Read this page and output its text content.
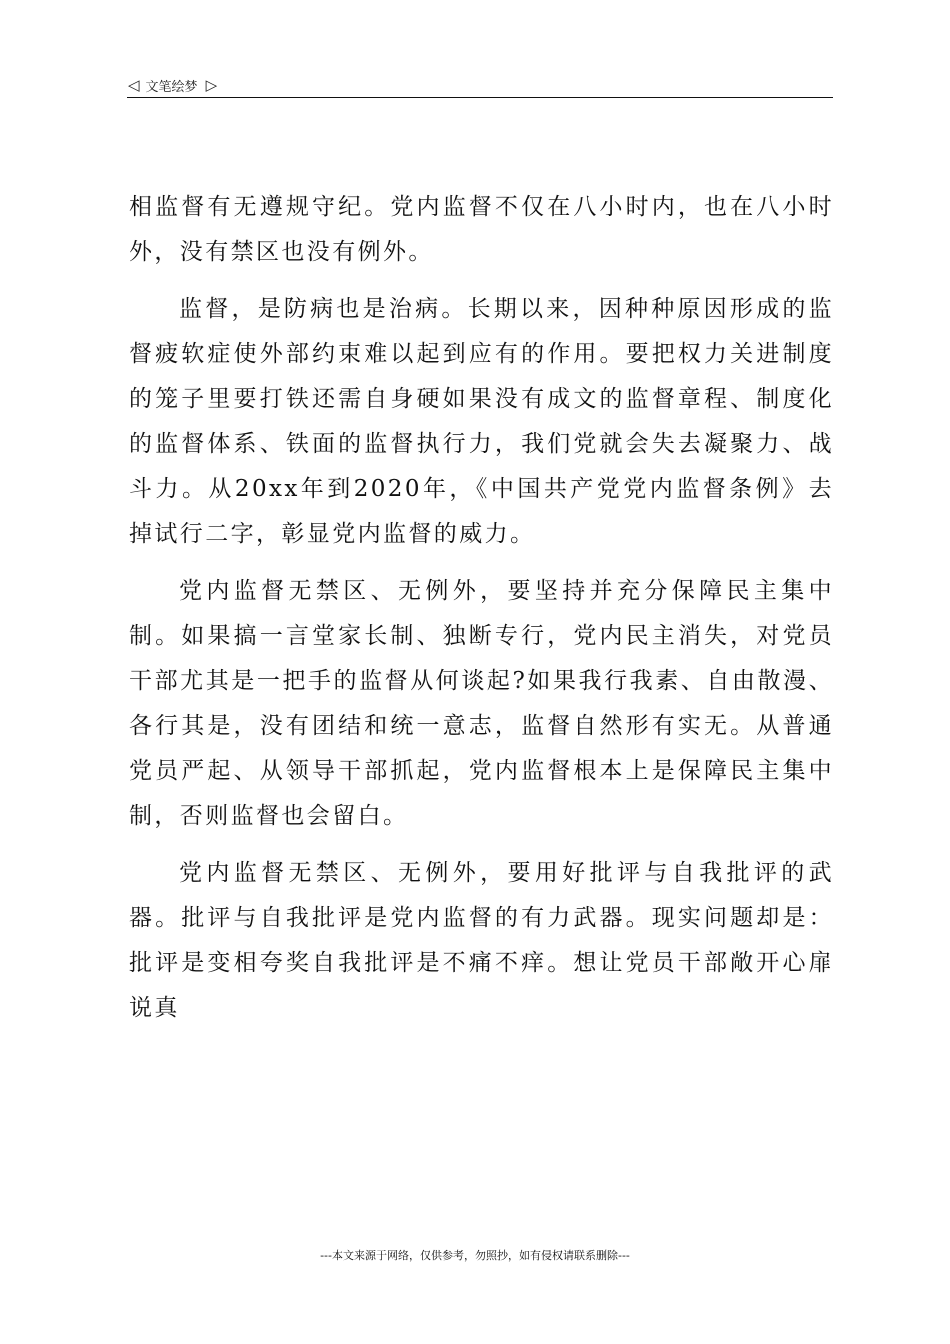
◁ 文笔绘梦 ▷

相监督有无遵规守纪。党内监督不仅在八小时内，也在八小时外，没有禁区也没有例外。

监督，是防病也是治病。长期以来，因种种原因形成的监督疲软症使外部约束难以起到应有的作用。要把权力关进制度的笼子里要打铁还需自身硬如果没有成文的监督章程、制度化的监督体系、铁面的监督执行力，我们党就会失去凝聚力、战斗力。从20xx年到2020年，《中国共产党党内监督条例》去掉试行二字，彰显党内监督的威力。

党内监督无禁区、无例外，要坚持并充分保障民主集中制。如果搞一言堂家长制、独断专行，党内民主消失，对党员干部尤其是一把手的监督从何谈起?如果我行我素、自由散漫、各行其是，没有团结和统一意志，监督自然形有实无。从普通党员严起、从领导干部抓起，党内监督根本上是保障民主集中制，否则监督也会留白。

党内监督无禁区、无例外，要用好批评与自我批评的武器。批评与自我批评是党内监督的有力武器。现实问题却是：批评是变相夸奖自我批评是不痛不痒。想让党员干部敞开心扉说真

---本文来源于网络，仅供参考，勿照抄，如有侵权请联系删除---
